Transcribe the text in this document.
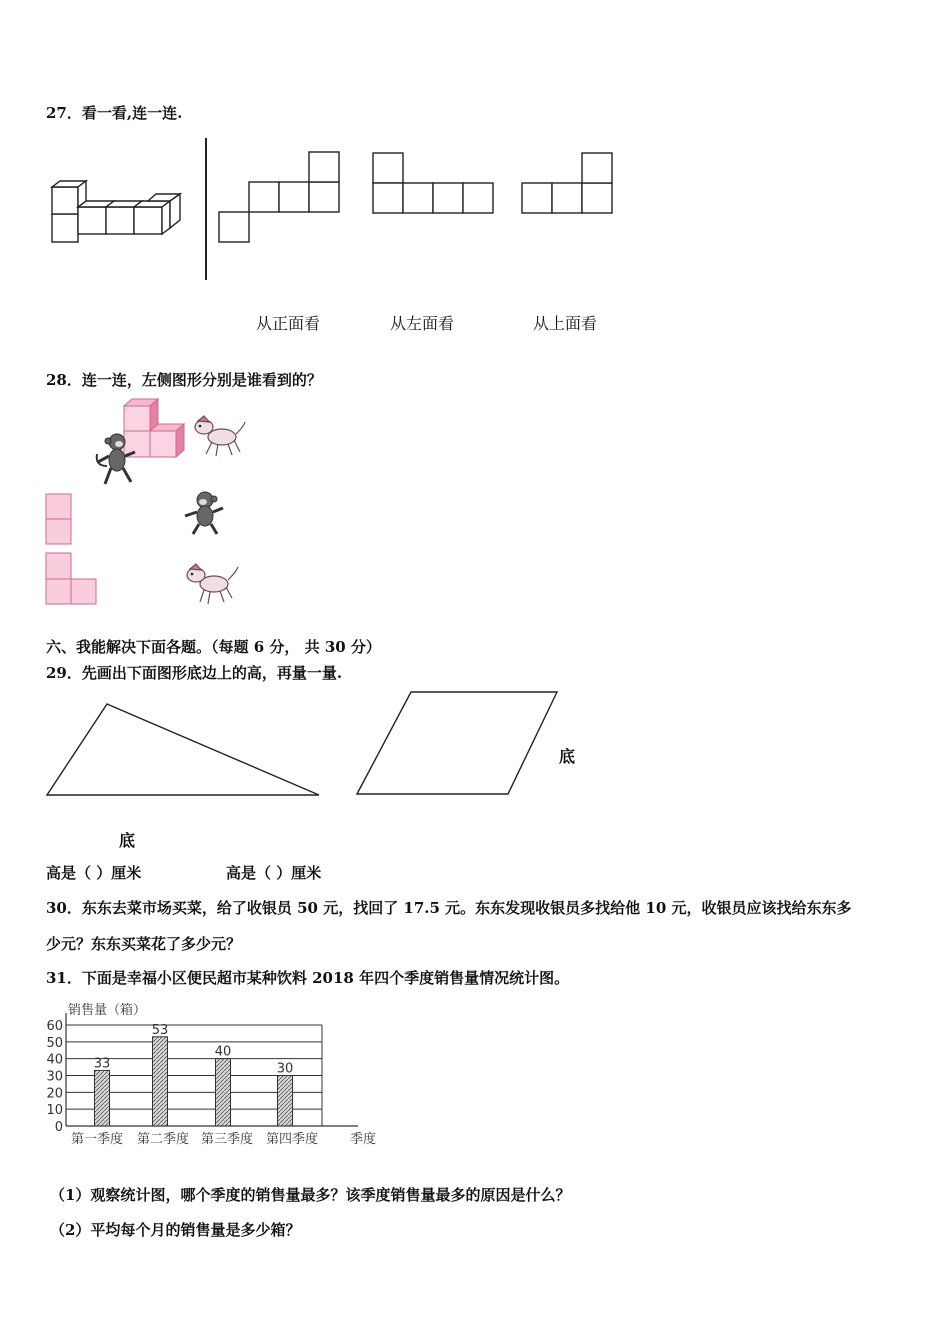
27．看一看,连一连.
从正面看	从左面看	从上面看
28．连一连，左侧图形分别是谁看到的？
六、我能解决下面各题。（每题 6 分， 共 30 分）
29．先画出下面图形底边上的高，再量一量.
底
底
高是（ ）厘米	高是（ ）厘米
30．东东去菜市场买菜，给了收银员 50 元，找回了 17.5 元。东东发现收银员多找给他 10 元，收银员应该找给东东多
少元？东东买菜花了多少元？
31．下面是幸福小区便民超市某种饮料 2018 年四个季度销售量情况统计图。
销售量（箱）
0
10
20
30
40
50
60
33
53
40
30
第一季度 第二季度 第三季度 第四季度 季度
（1）观察统计图，哪个季度的销售量最多？该季度销售量最多的原因是什么？
（2）平均每个月的销售量是多少箱？
